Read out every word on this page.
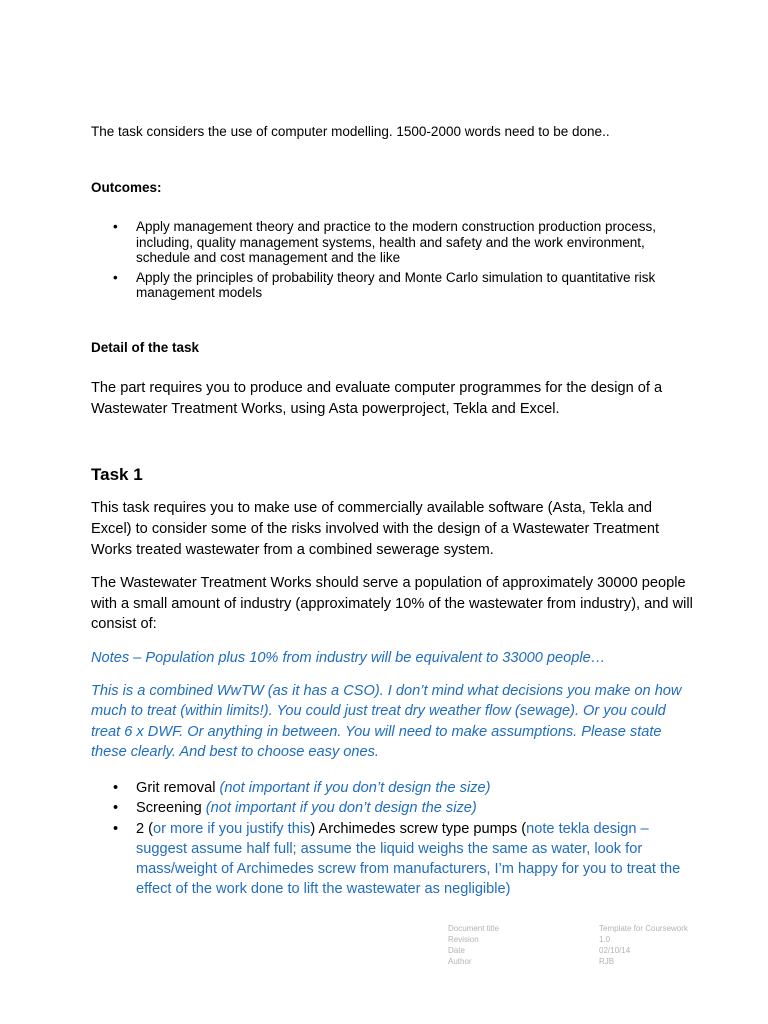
The task considers the use of computer modelling. 1500-2000 words need to be done..
Outcomes:
• Apply management theory and practice to the modern construction production process, including, quality management systems, health and safety and the work environment, schedule and cost management and the like
• Apply the principles of probability theory and Monte Carlo simulation to quantitative risk management models
Detail of the task
The part requires you to produce and evaluate computer programmes for the design of a Wastewater Treatment Works, using Asta powerproject, Tekla and Excel.
Task 1
This task requires you to make use of commercially available software (Asta, Tekla and Excel) to consider some of the risks involved with the design of a Wastewater Treatment Works treated wastewater from a combined sewerage system.
The Wastewater Treatment Works should serve a population of approximately 30000 people with a small amount of industry (approximately 10% of the wastewater from industry), and will consist of:
Notes – Population plus 10% from industry will be equivalent to 33000 people…
This is a combined WwTW (as it has a CSO). I don’t mind what decisions you make on how much to treat (within limits!). You could just treat dry weather flow (sewage). Or you could treat 6 x DWF. Or anything in between. You will need to make assumptions. Please state these clearly. And best to choose easy ones.
• Grit removal (not important if you don’t design the size)
• Screening (not important if you don’t design the size)
• 2 (or more if you justify this) Archimedes screw type pumps (note tekla design – suggest assume half full; assume the liquid weighs the same as water, look for mass/weight of Archimedes screw from manufacturers, I’m happy for you to treat the effect of the work done to lift the wastewater as negligible)
Document title
Revision
Date
Author
Template for Coursework
1.0
02/10/14
RJB
